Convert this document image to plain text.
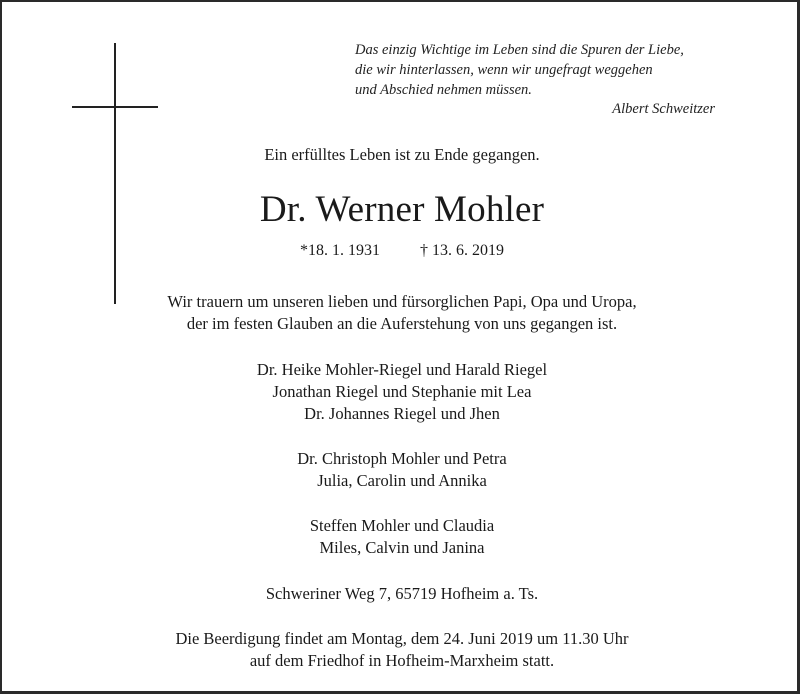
Das einzig Wichtige im Leben sind die Spuren der Liebe,
die wir hinterlassen, wenn wir ungefragt weggehen
und Abschied nehmen müssen.
Albert Schweitzer
Ein erfülltes Leben ist zu Ende gegangen.
Dr. Werner Mohler
*18. 1. 1931	† 13. 6. 2019
Wir trauern um unseren lieben und fürsorglichen Papi, Opa und Uropa,
der im festen Glauben an die Auferstehung von uns gegangen ist.
Dr. Heike Mohler-Riegel und Harald Riegel
Jonathan Riegel und Stephanie mit Lea
Dr. Johannes Riegel und Jhen
Dr. Christoph Mohler und Petra
Julia, Carolin und Annika
Steffen Mohler und Claudia
Miles, Calvin und Janina
Schweriner Weg 7, 65719 Hofheim a. Ts.
Die Beerdigung findet am Montag, dem 24. Juni 2019 um 11.30 Uhr
auf dem Friedhof in Hofheim-Marxheim statt.
